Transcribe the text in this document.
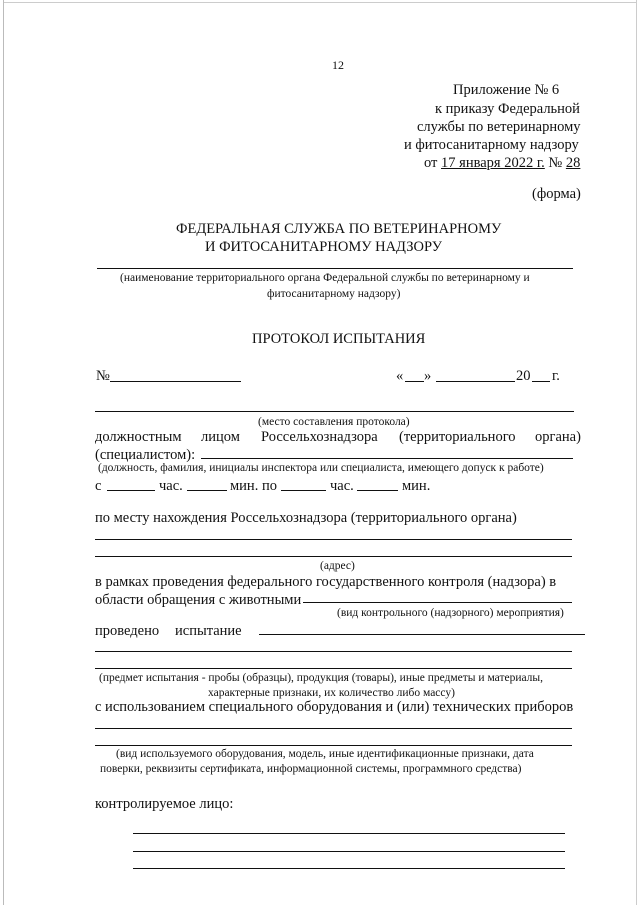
12
Приложение № 6
к приказу Федеральной
службы по ветеринарному
и фитосанитарному надзору
от 17 января 2022 г. № 28
(форма)
ФЕДЕРАЛЬНАЯ СЛУЖБА ПО ВЕТЕРИНАРНОМУ
И ФИТОСАНИТАРНОМУ НАДЗОРУ
(наименование территориального органа Федеральной службы по ветеринарному и
фитосанитарному надзору)
ПРОТОКОЛ ИСПЫТАНИЯ
№	« »	20 г.
(место составления протокола)
должностным лицом Россельхознадзора (территориального органа)
(специалистом):
(должность, фамилия, инициалы инспектора или специалиста, имеющего допуск к работе)
с	час.	мин. по	час.	мин.
по месту нахождения Россельхознадзора (территориального органа)
(адрес)
в рамках проведения федерального государственного контроля (надзора) в
области обращения с животными
(вид контрольного (надзорного) мероприятия)
проведено испытание
(предмет испытания - пробы (образцы), продукция (товары), иные предметы и материалы,
характерные признаки, их количество либо массу)
с использованием специального оборудования и (или) технических приборов
(вид используемого оборудования, модель, иные идентификационные признаки, дата
поверки, реквизиты сертификата, информационной системы, программного средства)
контролируемое лицо:
